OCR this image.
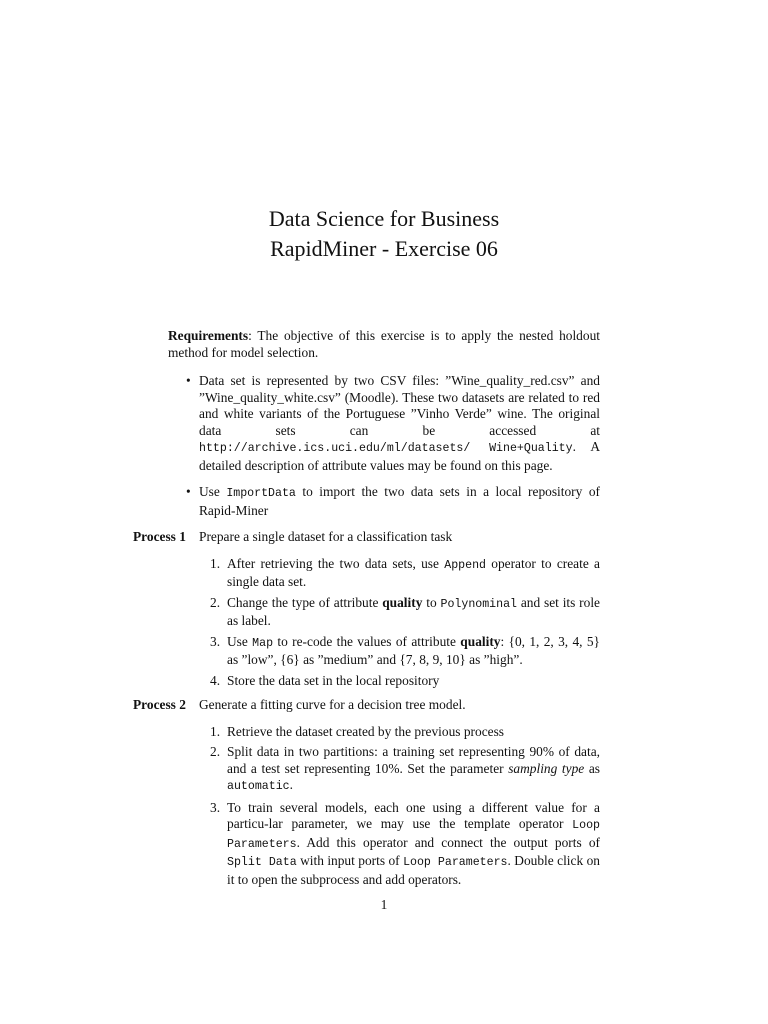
Data Science for Business
RapidMiner - Exercise 06

Requirements: The objective of this exercise is to apply the nested holdout method for model selection.

• Data set is represented by two CSV files: ”Wine_quality_red.csv” and ”Wine_quality_white.csv” (Moodle). These two datasets are related to red and white variants of the Portuguese ”Vinho Verde” wine. The original data sets can be accessed at http://archive.ics.uci.edu/ml/datasets/ Wine+Quality. A detailed description of attribute values may be found on this page.
• Use ImportData to import the two data sets in a local repository of Rapid-Miner
Process 1 Prepare a single dataset for a classification task
1. After retrieving the two data sets, use Append operator to create a single data set.
2. Change the type of attribute quality to Polynominal and set its role as label.
3. Use Map to re-code the values of attribute quality: {0, 1, 2, 3, 4, 5} as ”low”, {6} as ”medium” and {7, 8, 9, 10} as ”high”.
4. Store the data set in the local repository
Process 2 Generate a fitting curve for a decision tree model.
1. Retrieve the dataset created by the previous process
2. Split data in two partitions: a training set representing 90% of data, and a test set representing 10%. Set the parameter sampling type as automatic.
3. To train several models, each one using a different value for a particu-lar parameter, we may use the template operator Loop Parameters. Add this operator and connect the output ports of Split Data with input ports of Loop Parameters. Double click on it to open the subprocess and add operators.
1
